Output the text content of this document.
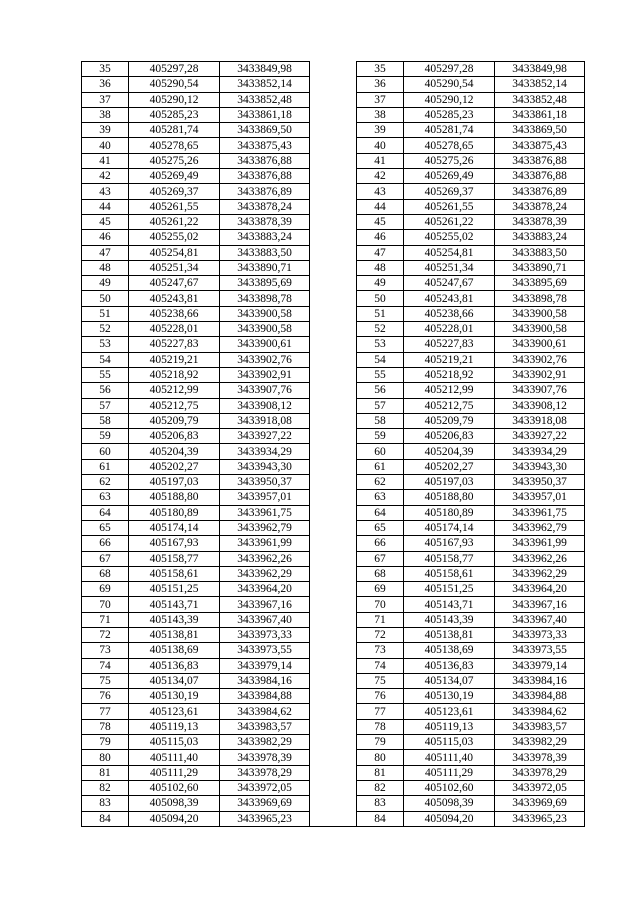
35	405297,28	3433849,98		35	405297,28	3433849,98
36	405290,54	3433852,14		36	405290,54	3433852,14
37	405290,12	3433852,48		37	405290,12	3433852,48
38	405285,23	3433861,18		38	405285,23	3433861,18
39	405281,74	3433869,50		39	405281,74	3433869,50
40	405278,65	3433875,43		40	405278,65	3433875,43
41	405275,26	3433876,88		41	405275,26	3433876,88
42	405269,49	3433876,88		42	405269,49	3433876,88
43	405269,37	3433876,89		43	405269,37	3433876,89
44	405261,55	3433878,24		44	405261,55	3433878,24
45	405261,22	3433878,39		45	405261,22	3433878,39
46	405255,02	3433883,24		46	405255,02	3433883,24
47	405254,81	3433883,50		47	405254,81	3433883,50
48	405251,34	3433890,71		48	405251,34	3433890,71
49	405247,67	3433895,69		49	405247,67	3433895,69
50	405243,81	3433898,78		50	405243,81	3433898,78
51	405238,66	3433900,58		51	405238,66	3433900,58
52	405228,01	3433900,58		52	405228,01	3433900,58
53	405227,83	3433900,61		53	405227,83	3433900,61
54	405219,21	3433902,76		54	405219,21	3433902,76
55	405218,92	3433902,91		55	405218,92	3433902,91
56	405212,99	3433907,76		56	405212,99	3433907,76
57	405212,75	3433908,12		57	405212,75	3433908,12
58	405209,79	3433918,08		58	405209,79	3433918,08
59	405206,83	3433927,22		59	405206,83	3433927,22
60	405204,39	3433934,29		60	405204,39	3433934,29
61	405202,27	3433943,30		61	405202,27	3433943,30
62	405197,03	3433950,37		62	405197,03	3433950,37
63	405188,80	3433957,01		63	405188,80	3433957,01
64	405180,89	3433961,75		64	405180,89	3433961,75
65	405174,14	3433962,79		65	405174,14	3433962,79
66	405167,93	3433961,99		66	405167,93	3433961,99
67	405158,77	3433962,26		67	405158,77	3433962,26
68	405158,61	3433962,29		68	405158,61	3433962,29
69	405151,25	3433964,20		69	405151,25	3433964,20
70	405143,71	3433967,16		70	405143,71	3433967,16
71	405143,39	3433967,40		71	405143,39	3433967,40
72	405138,81	3433973,33		72	405138,81	3433973,33
73	405138,69	3433973,55		73	405138,69	3433973,55
74	405136,83	3433979,14		74	405136,83	3433979,14
75	405134,07	3433984,16		75	405134,07	3433984,16
76	405130,19	3433984,88		76	405130,19	3433984,88
77	405123,61	3433984,62		77	405123,61	3433984,62
78	405119,13	3433983,57		78	405119,13	3433983,57
79	405115,03	3433982,29		79	405115,03	3433982,29
80	405111,40	3433978,39		80	405111,40	3433978,39
81	405111,29	3433978,29		81	405111,29	3433978,29
82	405102,60	3433972,05		82	405102,60	3433972,05
83	405098,39	3433969,69		83	405098,39	3433969,69
84	405094,20	3433965,23		84	405094,20	3433965,23
